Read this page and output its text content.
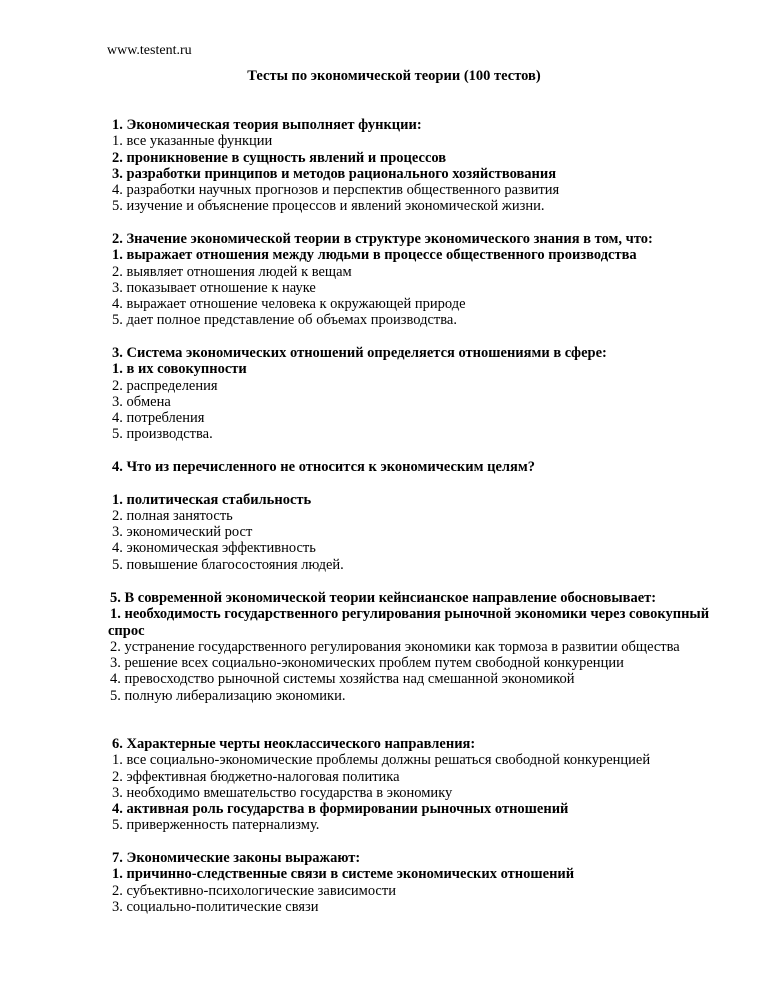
www.testent.ru
Тесты по экономической теории (100 тестов)
1. Экономическая теория выполняет функции:
1. все указанные функции
2. проникновение в сущность явлений и процессов
3. разработки принципов и методов рационального хозяйствования
4. разработки научных прогнозов и перспектив общественного развития
5. изучение и объяснение процессов и явлений экономической жизни.
2. Значение экономической теории в структуре экономического знания в том, что:
1. выражает отношения между людьми в процессе общественного производства
2. выявляет отношения людей к вещам
3. показывает отношение к науке
4. выражает отношение человека к окружающей природе
5. дает полное представление об объемах производства.
3. Система экономических отношений определяется отношениями в сфере:
1. в их совокупности
2. распределения
3. обмена
4. потребления
5. производства.
4. Что из перечисленного не относится к экономическим целям?
1. политическая стабильность
2. полная занятость
3. экономический рост
4. экономическая эффективность
5. повышение благосостояния людей.
5. В современной экономической теории кейнсианское направление обосновывает:
1. необходимость государственного регулирования рыночной экономики через совокупный спрос
2. устранение государственного регулирования экономики как тормоза в развитии общества
3. решение всех социально-экономических проблем путем свободной конкуренции
4. превосходство рыночной системы хозяйства над смешанной экономикой
5. полную либерализацию экономики.
6. Характерные черты неоклассического направления:
1. все социально-экономические проблемы должны решаться свободной конкуренцией
2. эффективная бюджетно-налоговая политика
3. необходимо вмешательство государства в экономику
4. активная роль государства в формировании рыночных отношений
5. приверженность патернализму.
7. Экономические законы выражают:
1. причинно-следственные связи в системе экономических отношений
2. субъективно-психологические зависимости
3. социально-политические связи
